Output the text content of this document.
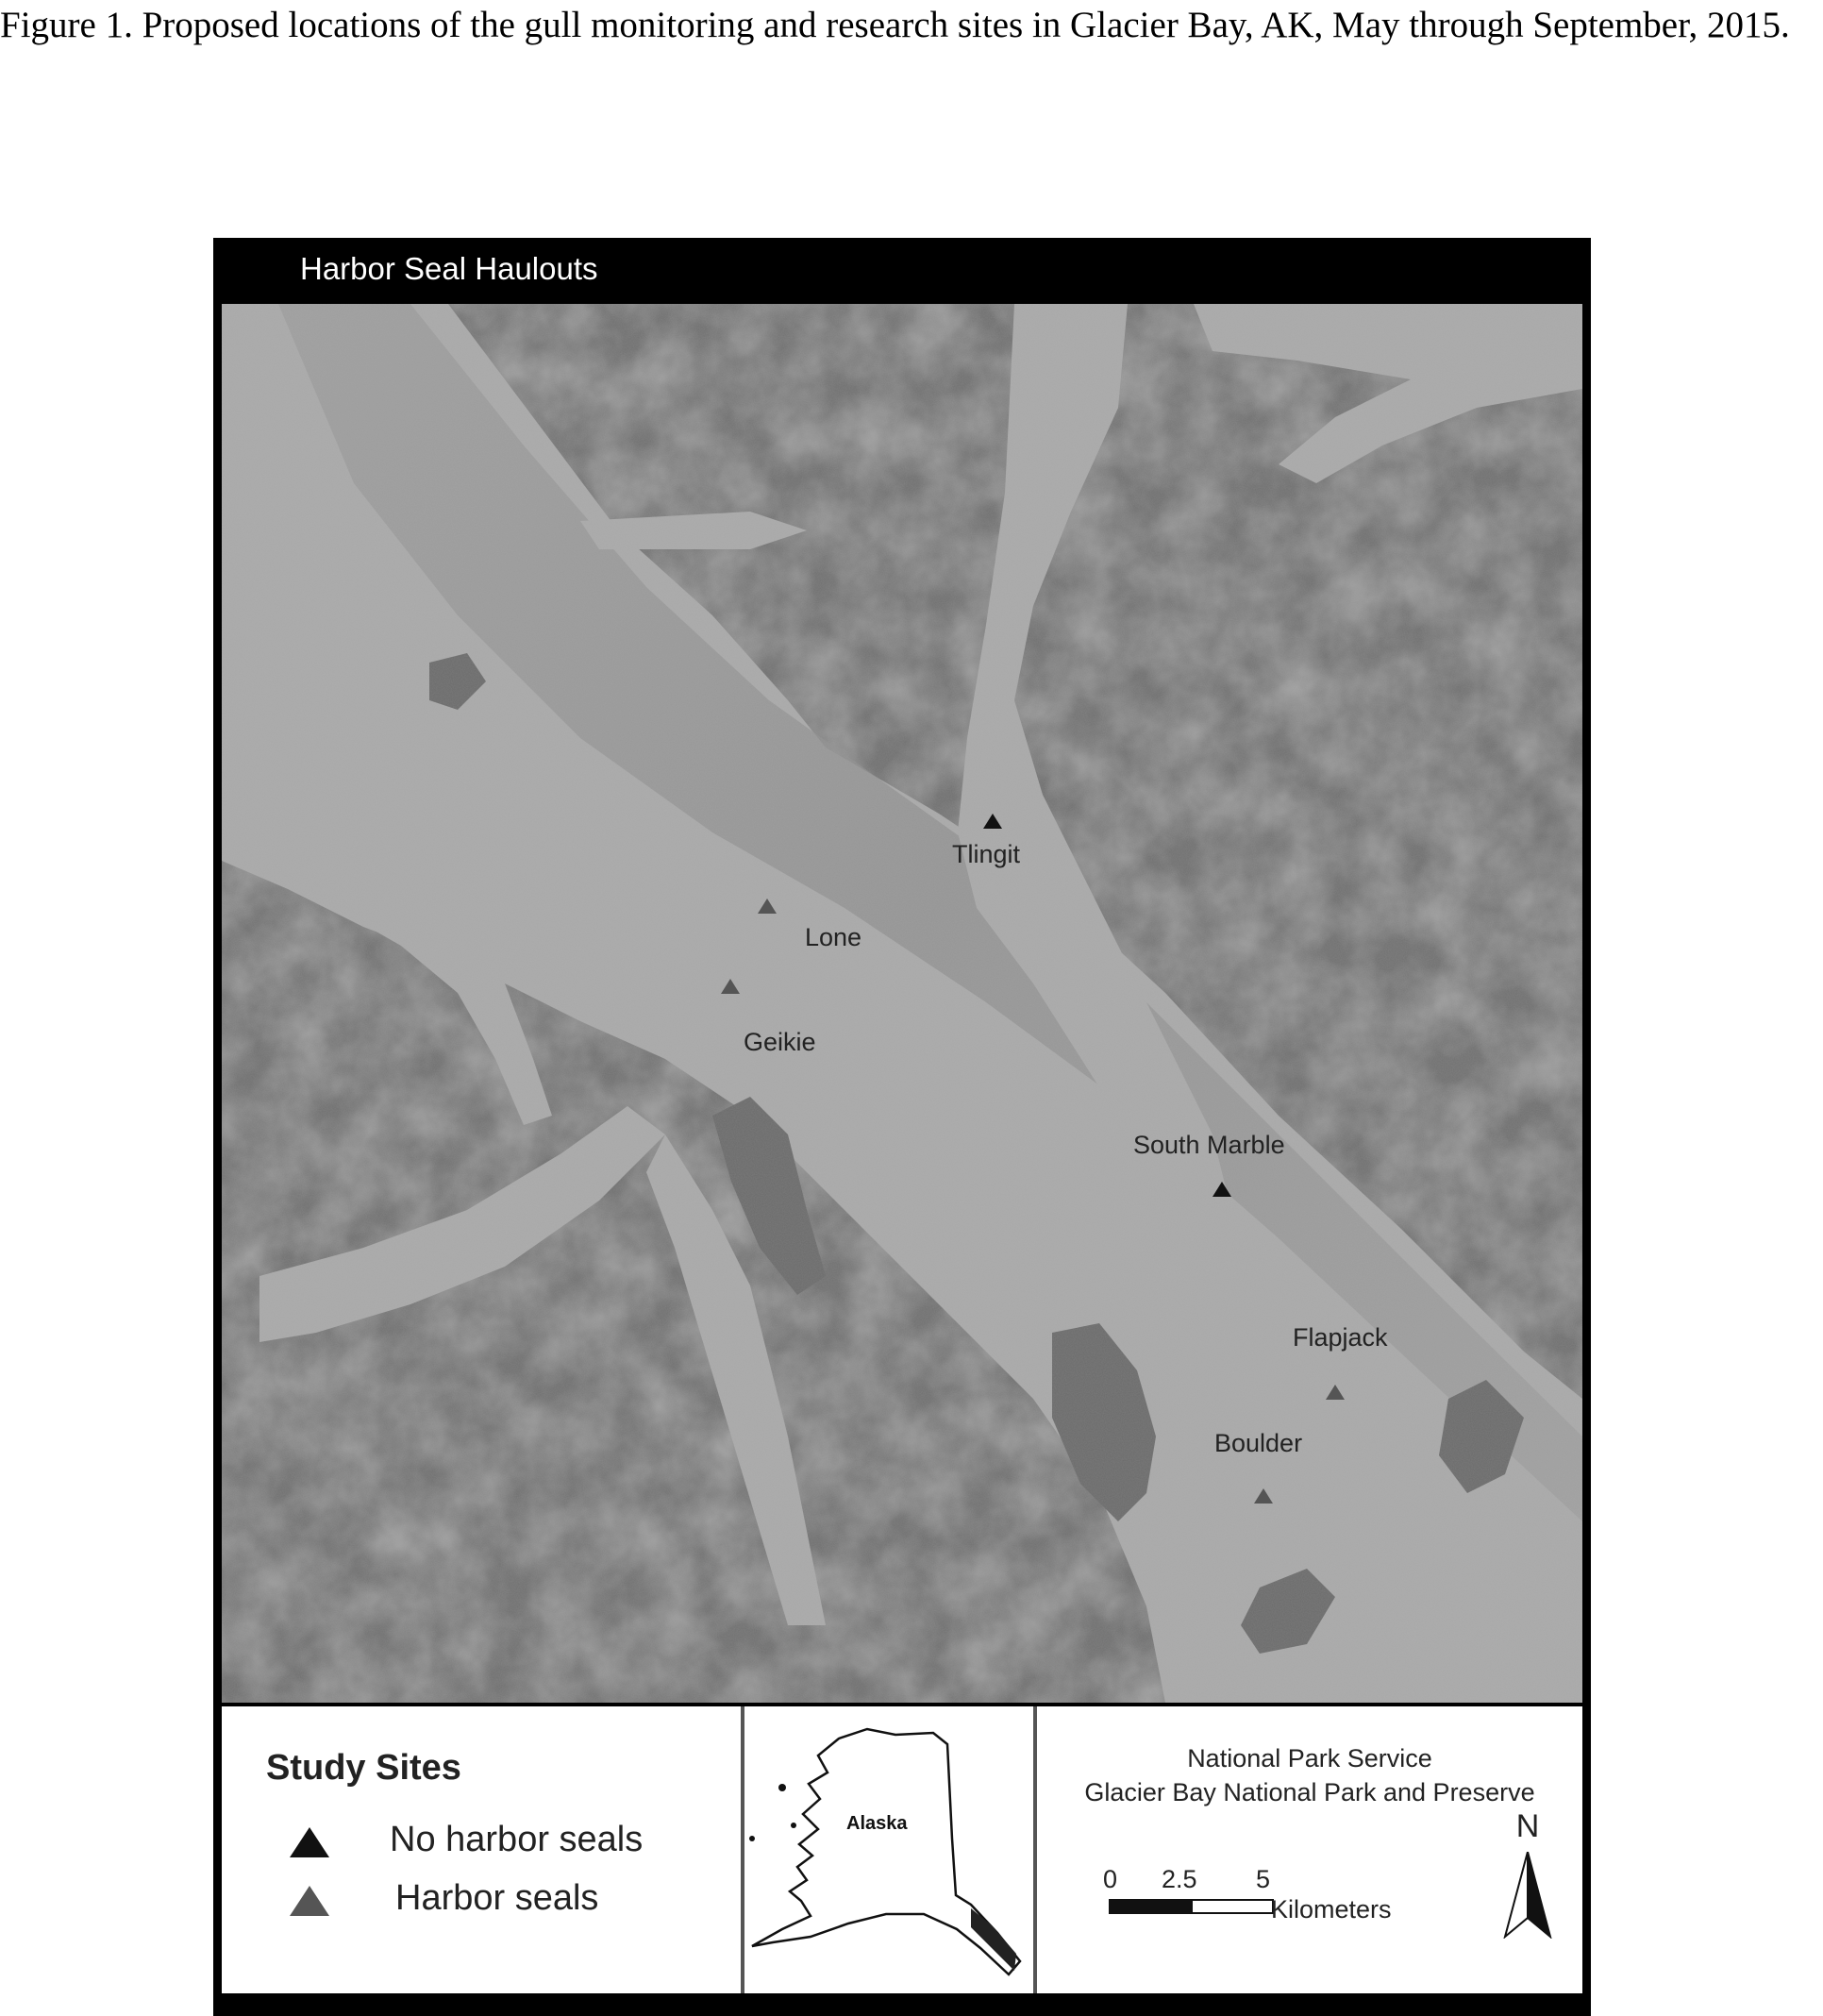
Figure 1. Proposed locations of the gull monitoring and research sites in Glacier Bay, AK, May through September, 2015.
Harbor Seal Haulouts
Tlingit
Lone
Geikie
South Marble
Flapjack
Boulder
Study Sites
No harbor seals
Harbor seals
Alaska
National Park Service
Glacier Bay National Park and Preserve
0 2.5 5
Kilometers
N
